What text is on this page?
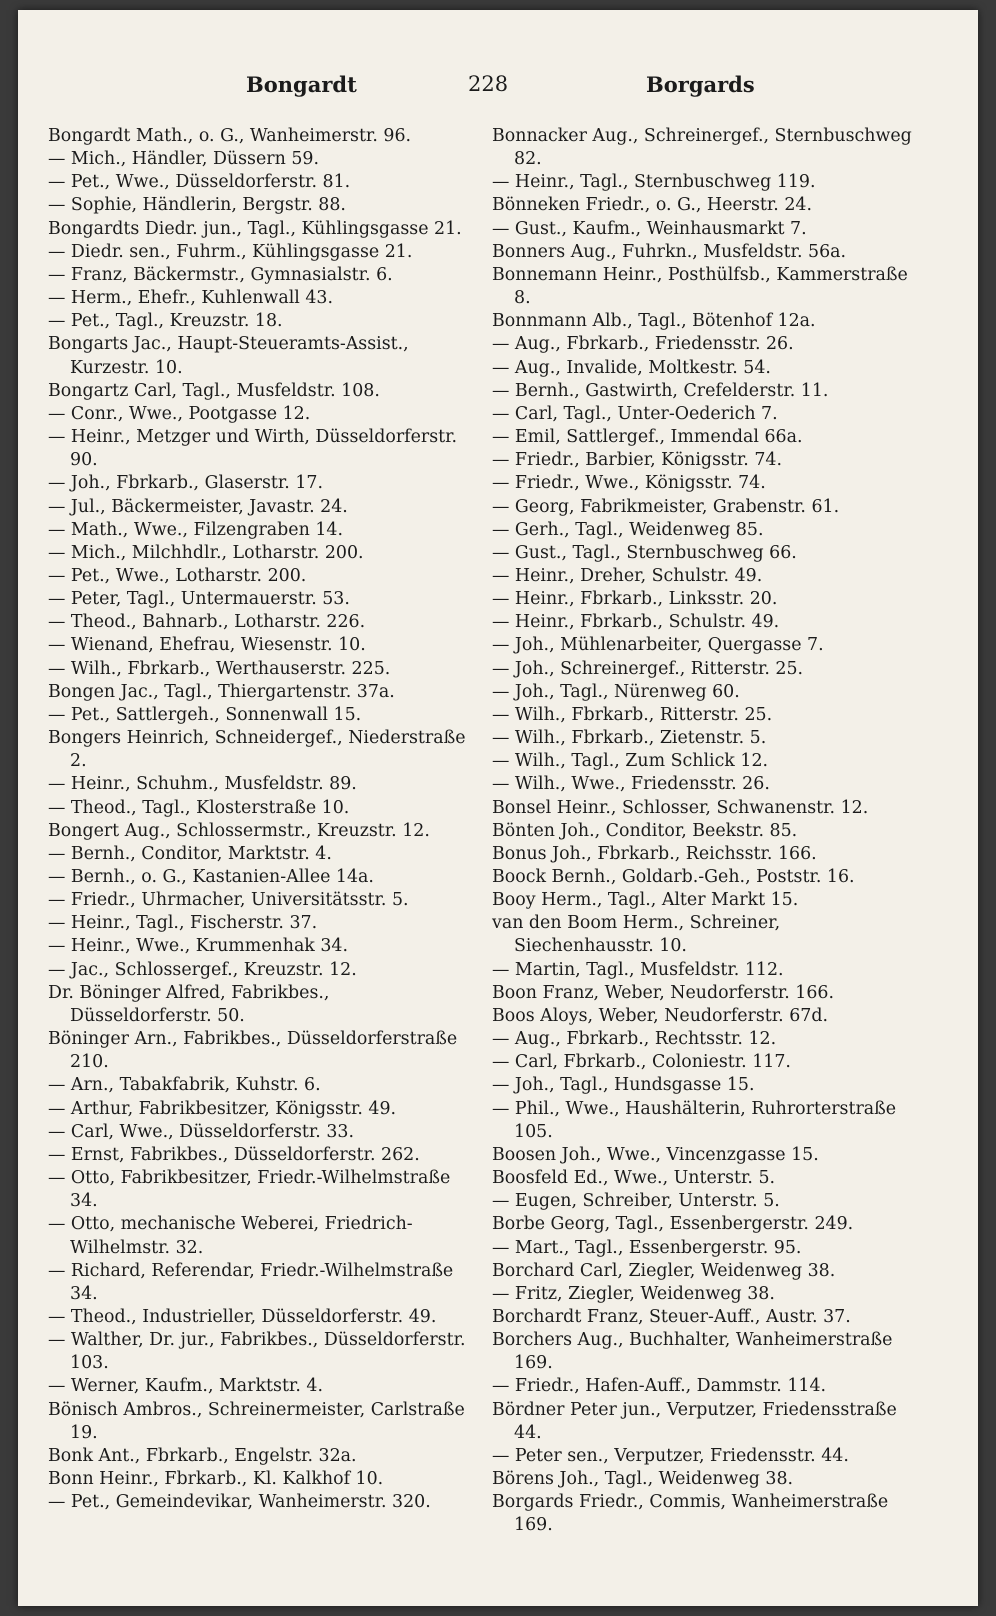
Bongardt	228	Borgards
Bongardt Math., o. G., Wanheimerstr. 96.
— Mich., Händler, Düssern 59.
— Pet., Wwe., Düsseldorferstr. 81.
— Sophie, Händlerin, Bergstr. 88.
Bongardts Diedr. jun., Tagl., Kühlingsgasse 21.
— Diedr. sen., Fuhrm., Kühlingsgasse 21.
— Franz, Bäckermstr., Gymnasialstr. 6.
— Herm., Ehefr., Kuhlenwall 43.
— Pet., Tagl., Kreuzstr. 18.
Bongarts Jac., Haupt-Steueramts-Assist., Kurzestr. 10.
Bongartz Carl, Tagl., Musfeldstr. 108.
— Conr., Wwe., Pootgasse 12.
— Heinr., Metzger und Wirth, Düsseldorferstr. 90.
— Joh., Fbrkarb., Glaserstr. 17.
— Jul., Bäckermeister, Javastr. 24.
— Math., Wwe., Filzengraben 14.
— Mich., Milchhdlr., Lotharstr. 200.
— Pet., Wwe., Lotharstr. 200.
— Peter, Tagl., Untermauerstr. 53.
— Theod., Bahnarb., Lotharstr. 226.
— Wienand, Ehefrau, Wiesenstr. 10.
— Wilh., Fbrkarb., Werthauserstr. 225.
Bongen Jac., Tagl., Thiergartenstr. 37a.
— Pet., Sattlergeh., Sonnenwall 15.
Bongers Heinrich, Schneidergef., Niederstraße 2.
— Heinr., Schuhm., Musfeldstr. 89.
— Theod., Tagl., Klosterstraße 10.
Bongert Aug., Schlossermstr., Kreuzstr. 12.
— Bernh., Conditor, Marktstr. 4.
— Bernh., o. G., Kastanien-Allee 14a.
— Friedr., Uhrmacher, Universitätsstr. 5.
— Heinr., Tagl., Fischerstr. 37.
— Heinr., Wwe., Krummenhak 34.
— Jac., Schlossergef., Kreuzstr. 12.
Dr. Böninger Alfred, Fabrikbes., Düsseldorferstr. 50.
Böninger Arn., Fabrikbes., Düsseldorferstraße 210.
— Arn., Tabakfabrik, Kuhstr. 6.
— Arthur, Fabrikbesitzer, Königsstr. 49.
— Carl, Wwe., Düsseldorferstr. 33.
— Ernst, Fabrikbes., Düsseldorferstr. 262.
— Otto, Fabrikbesitzer, Friedr.-Wilhelmstraße 34.
— Otto, mechanische Weberei, Friedrich-Wilhelmstr. 32.
— Richard, Referendar, Friedr.-Wilhelmstraße 34.
— Theod., Industrieller, Düsseldorferstr. 49.
— Walther, Dr. jur., Fabrikbes., Düsseldorferstr. 103.
— Werner, Kaufm., Marktstr. 4.
Bönisch Ambros., Schreinermeister, Carlstraße 19.
Bonk Ant., Fbrkarb., Engelstr. 32a.
Bonn Heinr., Fbrkarb., Kl. Kalkhof 10.
— Pet., Gemeindevikar, Wanheimerstr. 320.
Bonnacker Aug., Schreinergef., Sternbuschweg 82.
— Heinr., Tagl., Sternbuschweg 119.
Bönneken Friedr., o. G., Heerstr. 24.
— Gust., Kaufm., Weinhausmarkt 7.
Bonners Aug., Fuhrkn., Musfeldstr. 56a.
Bonnemann Heinr., Posthülfsb., Kammerstraße 8.
Bonnmann Alb., Tagl., Bötenhof 12a.
— Aug., Fbrkarb., Friedensstr. 26.
— Aug., Invalide, Moltkestr. 54.
— Bernh., Gastwirth, Crefelderstr. 11.
— Carl, Tagl., Unter-Oederich 7.
— Emil, Sattlergef., Immendal 66a.
— Friedr., Barbier, Königsstr. 74.
— Friedr., Wwe., Königsstr. 74.
— Georg, Fabrikmeister, Grabenstr. 61.
— Gerh., Tagl., Weidenweg 85.
— Gust., Tagl., Sternbuschweg 66.
— Heinr., Dreher, Schulstr. 49.
— Heinr., Fbrkarb., Linksstr. 20.
— Heinr., Fbrkarb., Schulstr. 49.
— Joh., Mühlenarbeiter, Quergasse 7.
— Joh., Schreinergef., Ritterstr. 25.
— Joh., Tagl., Nürenweg 60.
— Wilh., Fbrkarb., Ritterstr. 25.
— Wilh., Fbrkarb., Zietenstr. 5.
— Wilh., Tagl., Zum Schlick 12.
— Wilh., Wwe., Friedensstr. 26.
Bonsel Heinr., Schlosser, Schwanenstr. 12.
Bönten Joh., Conditor, Beekstr. 85.
Bonus Joh., Fbrkarb., Reichsstr. 166.
Boock Bernh., Goldarb.-Geh., Poststr. 16.
Booy Herm., Tagl., Alter Markt 15.
van den Boom Herm., Schreiner, Siechenhausstr. 10.
— Martin, Tagl., Musfeldstr. 112.
Boon Franz, Weber, Neudorferstr. 166.
Boos Aloys, Weber, Neudorferstr. 67d.
— Aug., Fbrkarb., Rechtsstr. 12.
— Carl, Fbrkarb., Coloniestr. 117.
— Joh., Tagl., Hundsgasse 15.
— Phil., Wwe., Haushälterin, Ruhrorterstraße 105.
Boosen Joh., Wwe., Vincenzgasse 15.
Boosfeld Ed., Wwe., Unterstr. 5.
— Eugen, Schreiber, Unterstr. 5.
Borbe Georg, Tagl., Essenbergerstr. 249.
— Mart., Tagl., Essenbergerstr. 95.
Borchard Carl, Ziegler, Weidenweg 38.
— Fritz, Ziegler, Weidenweg 38.
Borchardt Franz, Steuer-Auff., Austr. 37.
Borchers Aug., Buchhalter, Wanheimerstraße 169.
— Friedr., Hafen-Auff., Dammstr. 114.
Bördner Peter jun., Verputzer, Friedensstraße 44.
— Peter sen., Verputzer, Friedensstr. 44.
Börens Joh., Tagl., Weidenweg 38.
Borgards Friedr., Commis, Wanheimerstraße 169.
